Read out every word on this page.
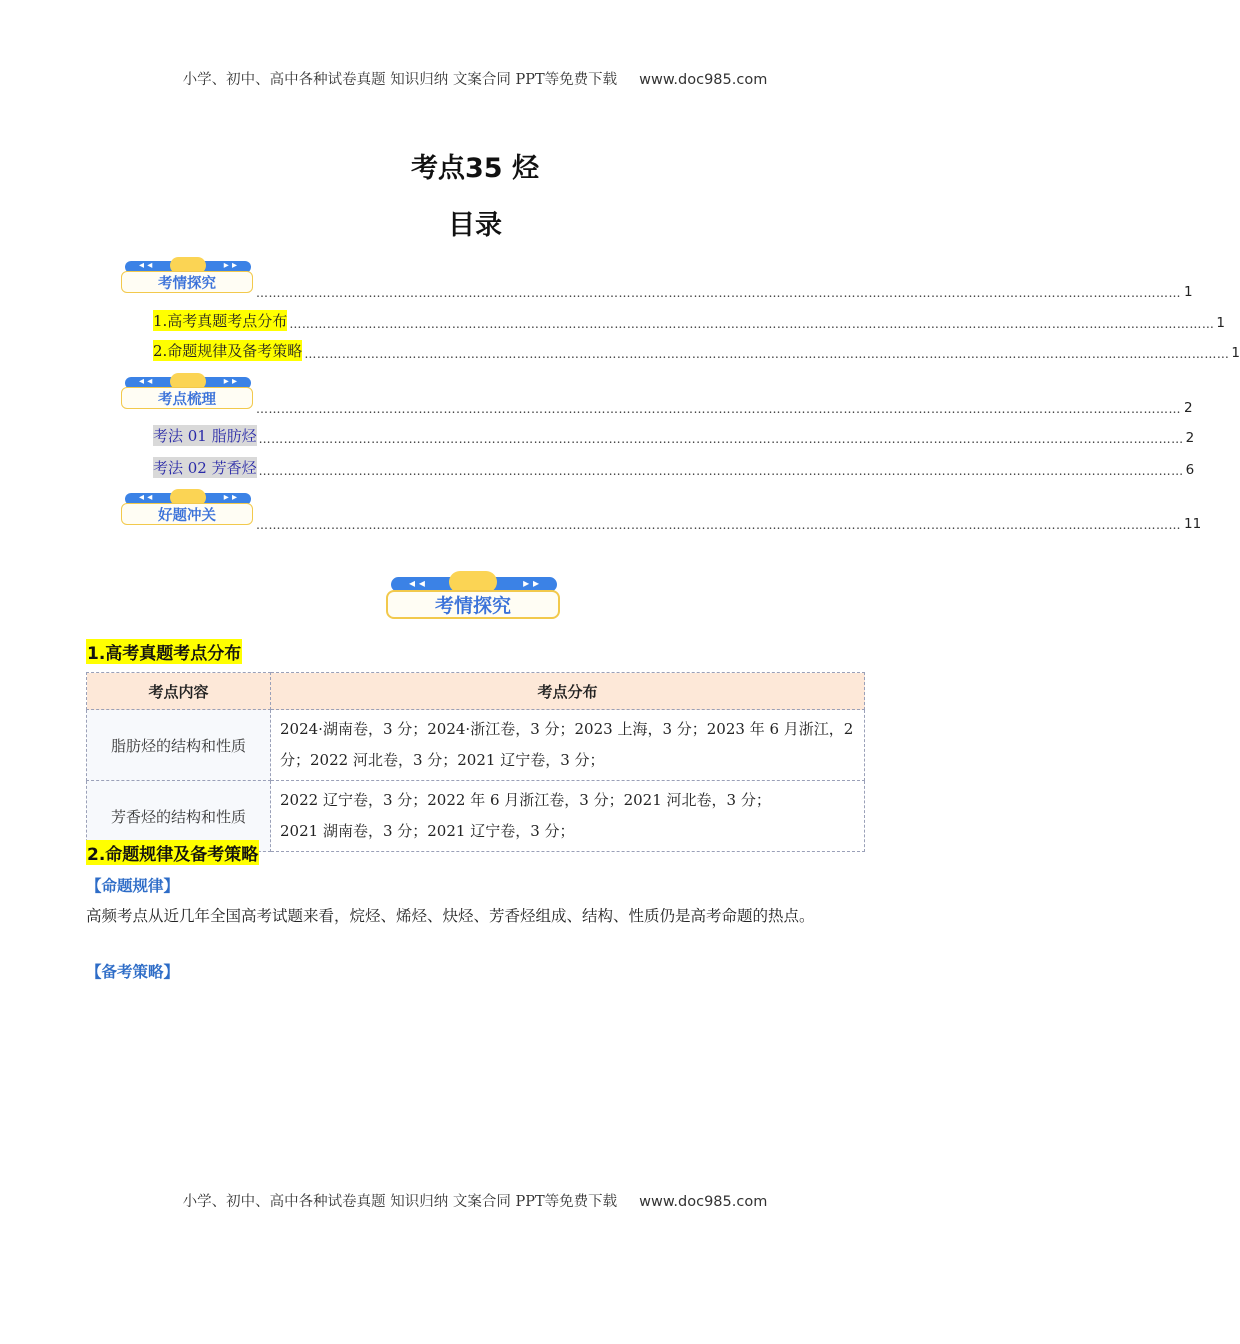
小学、初中、高中各种试卷真题 知识归纳 文案合同 PPT等免费下载 www.doc985.com
考点35 烃
目录
◂ ◂	▸ ▸
考情探究
…………………………………………………………………………………………………………………………………………………………………………………………………… 1
1.高考真题考点分布 …………………………………………………………………………………………………………………………………………………………………………………………………… 1
2.命题规律及备考策略 …………………………………………………………………………………………………………………………………………………………………………………………………… 1
◂ ◂	▸ ▸
考点梳理
…………………………………………………………………………………………………………………………………………………………………………………………………… 2
考法 01 脂肪烃 …………………………………………………………………………………………………………………………………………………………………………………………………… 2
考法 02 芳香烃 …………………………………………………………………………………………………………………………………………………………………………………………………… 6
◂ ◂	▸ ▸
好题冲关
…………………………………………………………………………………………………………………………………………………………………………………………………… 11
◂ ◂	▸ ▸
考情探究
1.高考真题考点分布
考点内容	考点分布
脂肪烃的结构和性质	2024·湖南卷，3 分；2024·浙江卷，3 分；2023 上海，3 分；2023 年 6 月浙江，2 分；2022 河北卷，3 分；2021 辽宁卷，3 分；
芳香烃的结构和性质	2022 辽宁卷，3 分；2022 年 6 月浙江卷，3 分；2021 河北卷，3 分；
2021 湖南卷，3 分；2021 辽宁卷，3 分；
2.命题规律及备考策略
【命题规律】
高频考点从近几年全国高考试题来看，烷烃、烯烃、炔烃、芳香烃组成、结构、性质仍是高考命题的热点。
【备考策略】
小学、初中、高中各种试卷真题 知识归纳 文案合同 PPT等免费下载 www.doc985.com
